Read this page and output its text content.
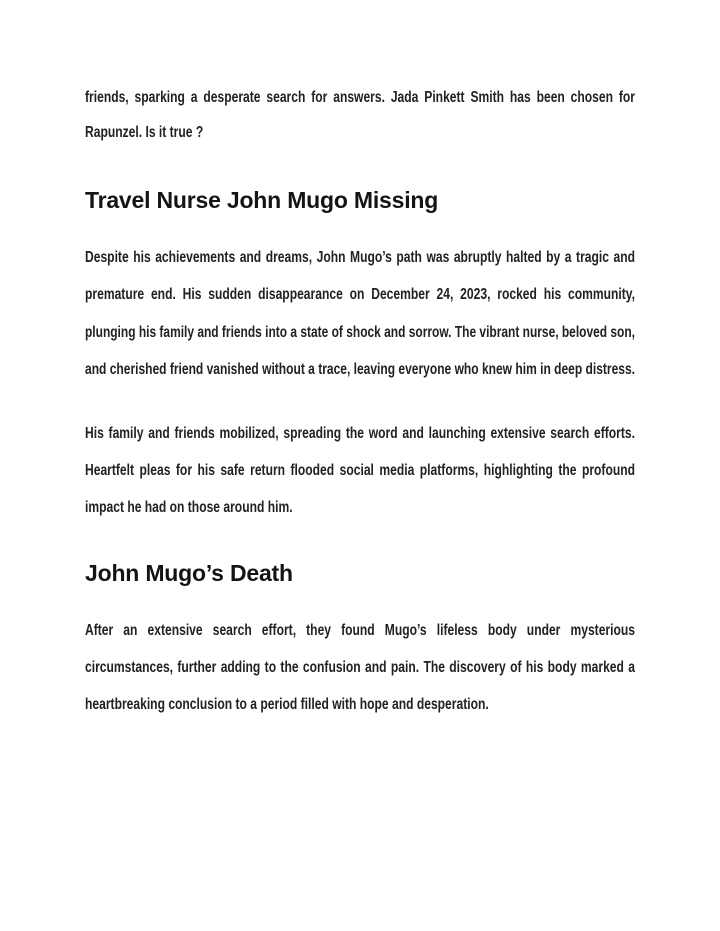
friends, sparking a desperate search for answers. Jada Pinkett Smith has been chosen for
Rapunzel. Is it true ?
Travel Nurse John Mugo Missing
Despite his achievements and dreams, John Mugo’s path was abruptly halted by a tragic and
premature end. His sudden disappearance on December 24, 2023, rocked his community,
plunging his family and friends into a state of shock and sorrow. The vibrant nurse, beloved son,
and cherished friend vanished without a trace, leaving everyone who knew him in deep distress.
His family and friends mobilized, spreading the word and launching extensive search efforts.
Heartfelt pleas for his safe return flooded social media platforms, highlighting the profound
impact he had on those around him.
John Mugo’s Death
After an extensive search effort, they found Mugo’s lifeless body under mysterious
circumstances, further adding to the confusion and pain. The discovery of his body marked a
heartbreaking conclusion to a period filled with hope and desperation.
